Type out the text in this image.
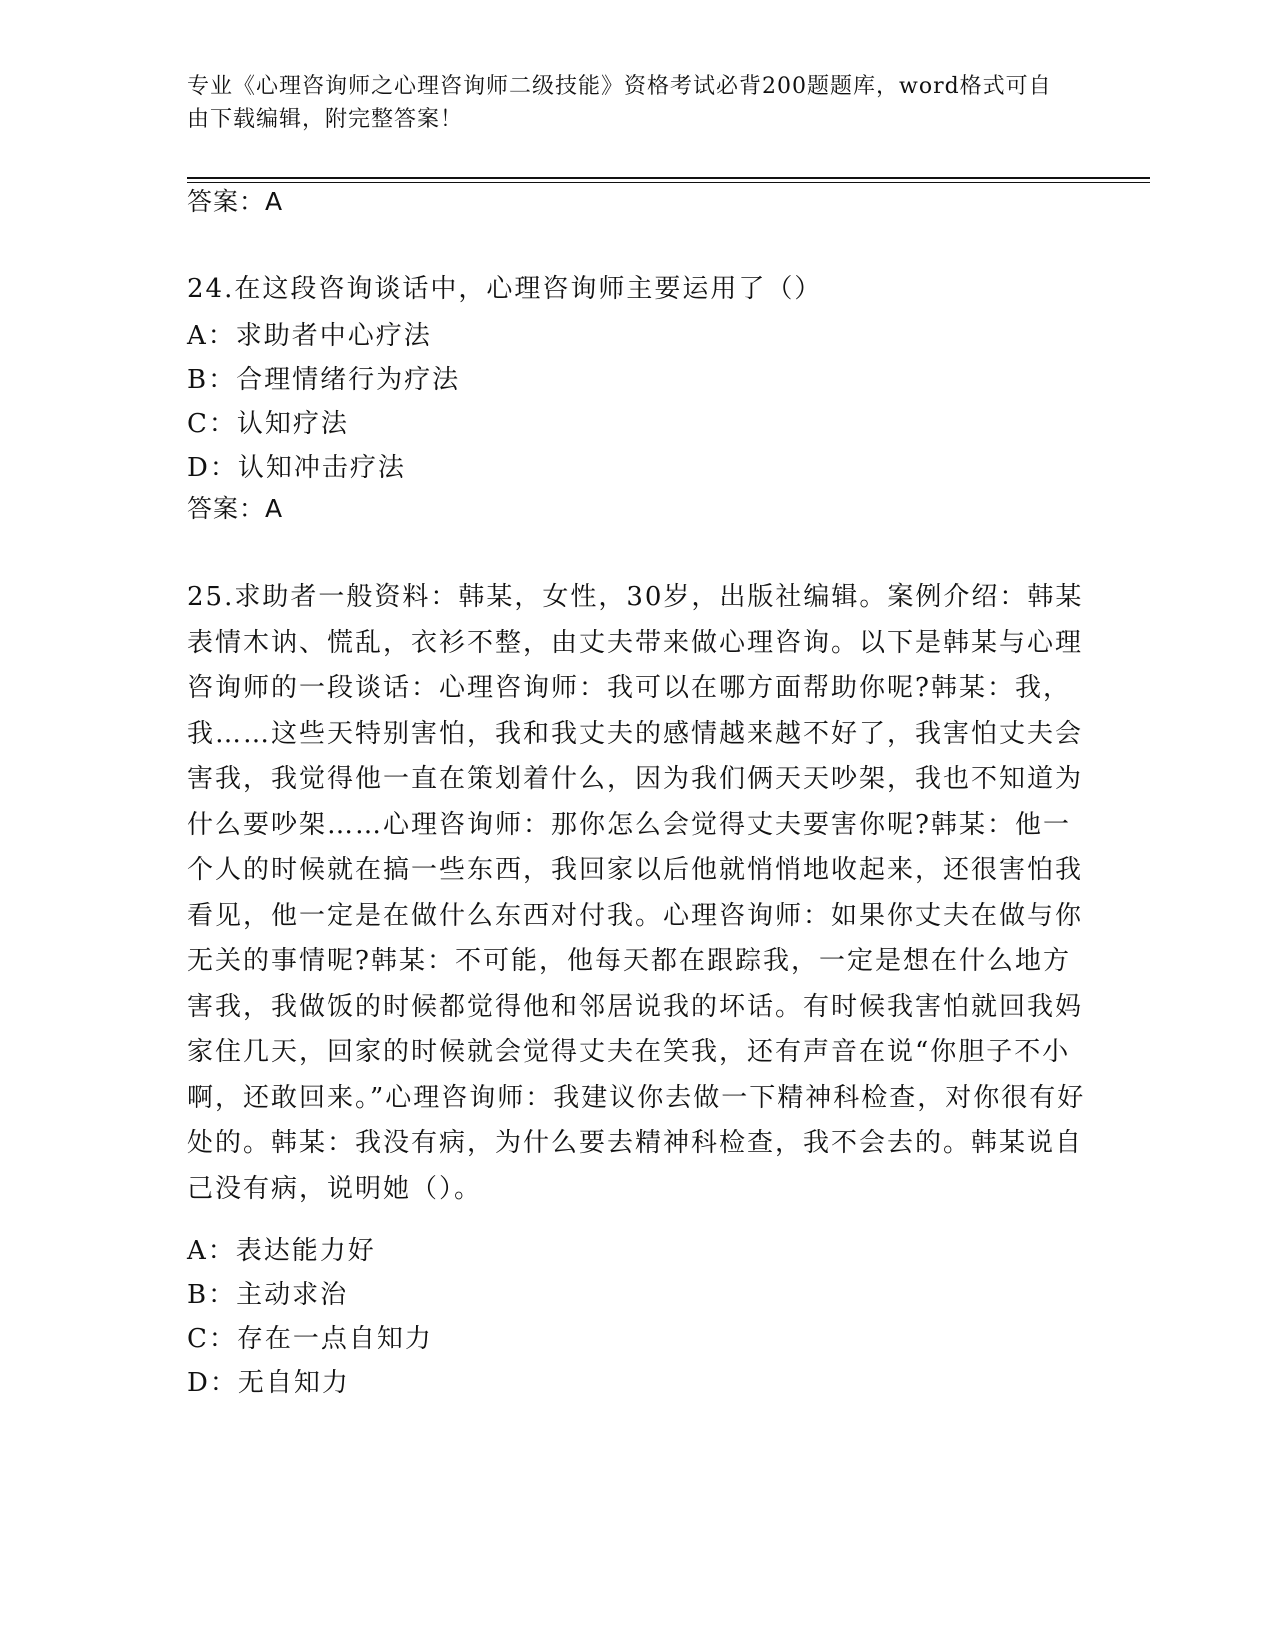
专业《心理咨询师之心理咨询师二级技能》资格考试必背200题题库，word格式可自由下载编辑，附完整答案！
答案：A
24.在这段咨询谈话中，心理咨询师主要运用了（）
A：求助者中心疗法
B：合理情绪行为疗法
C：认知疗法
D：认知冲击疗法
答案：A
25.求助者一般资料：韩某，女性，30岁，出版社编辑。案例介绍：韩某表情木讷、慌乱，衣衫不整，由丈夫带来做心理咨询。以下是韩某与心理咨询师的一段谈话：心理咨询师：我可以在哪方面帮助你呢?韩某：我，我……这些天特别害怕，我和我丈夫的感情越来越不好了，我害怕丈夫会害我，我觉得他一直在策划着什么，因为我们俩天天吵架，我也不知道为什么要吵架……心理咨询师：那你怎么会觉得丈夫要害你呢?韩某：他一个人的时候就在搞一些东西，我回家以后他就悄悄地收起来，还很害怕我看见，他一定是在做什么东西对付我。心理咨询师：如果你丈夫在做与你无关的事情呢?韩某：不可能，他每天都在跟踪我，一定是想在什么地方害我，我做饭的时候都觉得他和邻居说我的坏话。有时候我害怕就回我妈家住几天，回家的时候就会觉得丈夫在笑我，还有声音在说“你胆子不小啊，还敢回来。”心理咨询师：我建议你去做一下精神科检查，对你很有好处的。韩某：我没有病，为什么要去精神科检查，我不会去的。韩某说自己没有病，说明她（）。
A：表达能力好
B：主动求治
C：存在一点自知力
D：无自知力
